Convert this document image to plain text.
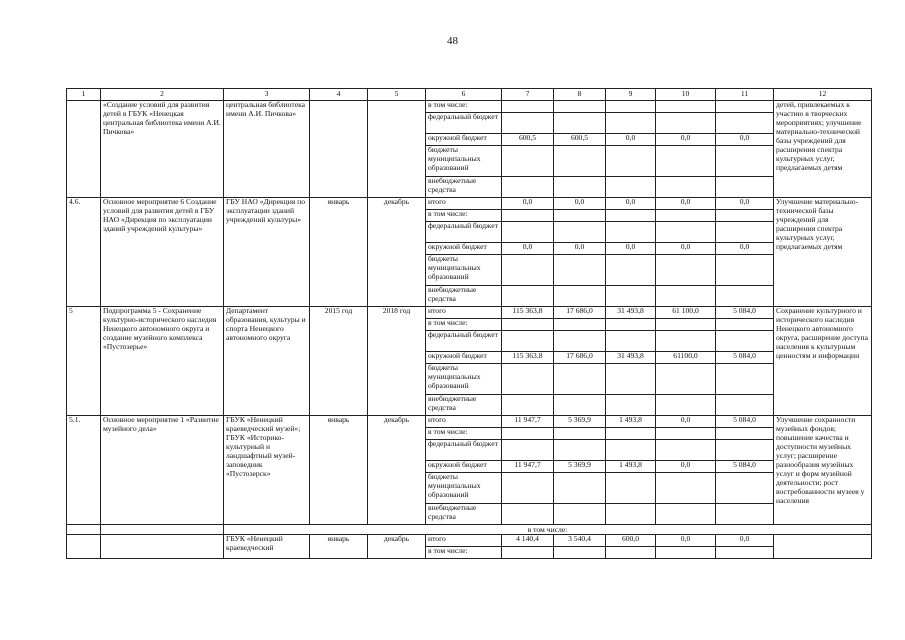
48
1	2	3	4	5	6	7	8	9	10	11	12
	«Создание условий для развития детей в ГБУК «Ненецкая центральная библиотека имени А.И. Пичкова»	центральная библиотека имени А.И. Пичкова»			в том числе:						детей, привлекаемых к участию в творческих мероприятиях; улучшение материально-технической базы учреждений для расширения спектра культурных услуг, предлагаемых детям
					федеральный бюджет						
					окружной бюджет	600,5	600,5	0,0	0,0	0,0	
					бюджеты муниципальных образований						
					внебюджетные средства						
4.6.	Основное мероприятие 6 Создание условий для развития детей в ГБУ НАО «Дирекция по эксплуатации зданий учреждений культуры»	ГБУ НАО «Дирекция по эксплуатации зданий учреждений культуры»	январь	декабрь	итого	0,0	0,0	0,0	0,0	0,0	Улучшение материально-технической базы учреждений для расширения спектра культурных услуг, предлагаемых детям
					в том числе:						
					федеральный бюджет						
					окружной бюджет	0,0	0,0	0,0	0,0	0,0	
					бюджеты муниципальных образований						
					внебюджетные средства						
5	Подпрограмма 5 - Сохранение культурно-исторического наследия Ненецкого автономного округа и создание музейного комплекса «Пустозерье»	Департамент образования, культуры и спорта Ненецкого автономного округа	2015 год	2018 год	итого	115 363,8	17 686,0	31 493,8	61 100,0	5 084,0	Сохранение культурного и исторического наследия Ненецкого автономного округа, расширение доступа населения к культурным ценностям и информации
					в том числе:						
					федеральный бюджет						
					окружной бюджет	115 363,8	17 686,0	31 493,8	61100,0	5 084,0	
					бюджеты муниципальных образований						
					внебюджетные средства						
5.1.	Основное мероприятие 1 «Развитие музейного дела»	ГБУК «Ненецкий краеведческий музей»; ГБУК «Историко-культурный и ландшафтный музей-заповедник «Пустозерск»	январь	декабрь	итого	11 947,7	5 369,9	1 493,8	0,0	5 084,0	Улучшение сохранности музейных фондов; повышение качества и доступности музейных услуг; расширение разнообразия музейных услуг и форм музейной деятельности; рост востребованности музеев у населения
					в том числе:						
					федеральный бюджет						
					окружной бюджет	11 947,7	5 369,9	1 493,8	0,0	5 084,0	
					бюджеты муниципальных образований						
					внебюджетные средства						
		в том числе:									
		ГБУК «Ненецкий краеведческий	январь	декабрь	итого	4 140,4	3 540,4	600,0	0,0	0,0	
					в том числе:						
